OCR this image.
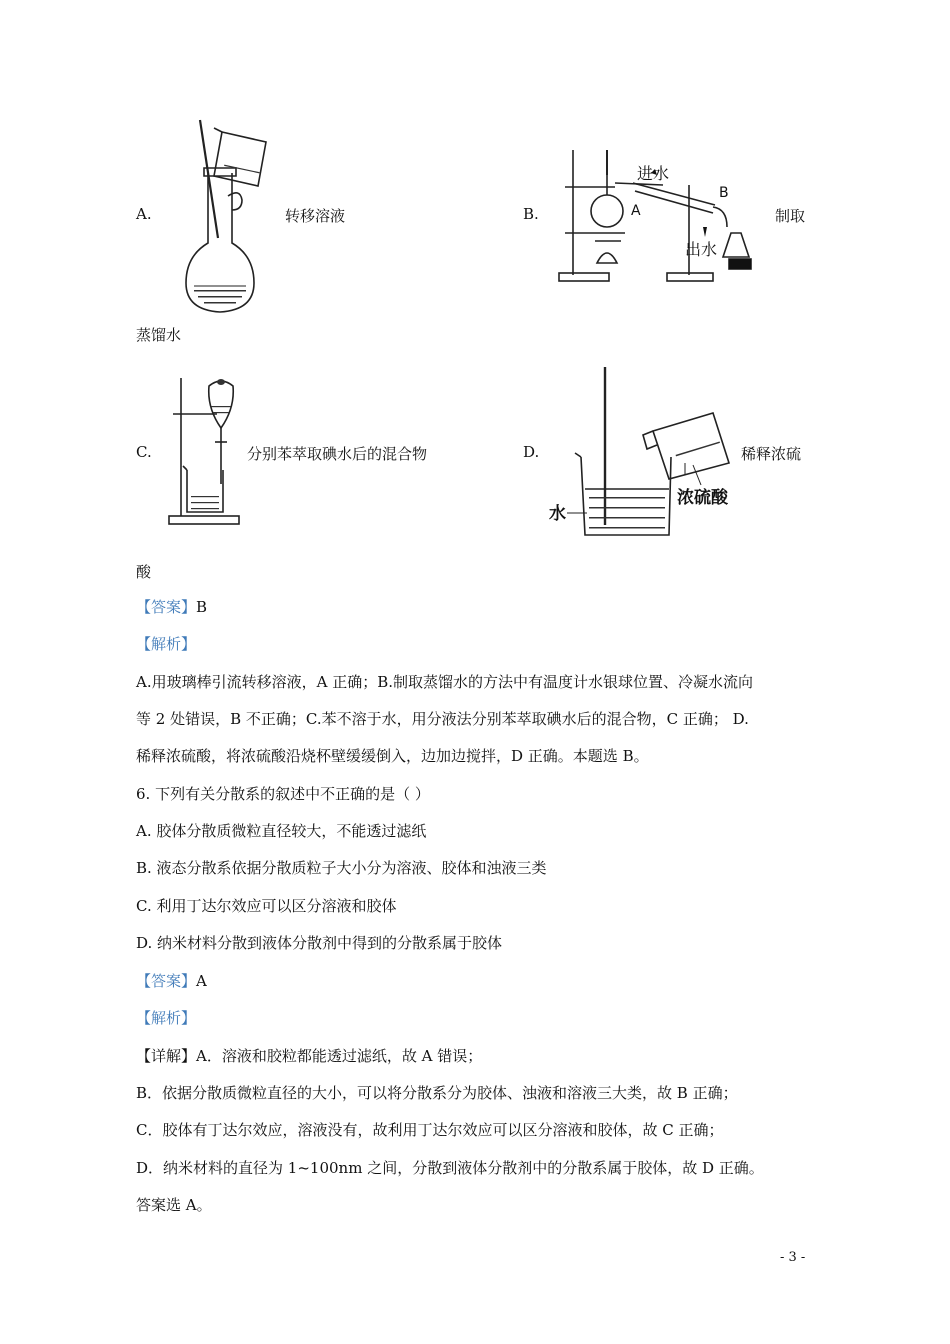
A.	转移溶液	B.
进水
出水
A
B
制取
蒸馏水
C.	分别苯萃取碘水后的混合物	D.
浓硫酸
水
稀释浓硫
酸
【答案】B
【解析】
A.用玻璃棒引流转移溶液，A 正确；B.制取蒸馏水的方法中有温度计水银球位置、冷凝水流向
等 2 处错误，B 不正确；C.苯不溶于水，用分液法分别苯萃取碘水后的混合物，C 正确； D.
稀释浓硫酸，将浓硫酸沿烧杯壁缓缓倒入，边加边搅拌，D 正确。本题选 B。
6. 下列有关分散系的叙述中不正确的是（ ）
A. 胶体分散质微粒直径较大，不能透过滤纸
B. 液态分散系依据分散质粒子大小分为溶液、胶体和浊液三类
C. 利用丁达尔效应可以区分溶液和胶体
D. 纳米材料分散到液体分散剂中得到的分散系属于胶体
【答案】A
【解析】
【详解】A．溶液和胶粒都能透过滤纸，故 A 错误；
B．依据分散质微粒直径的大小，可以将分散系分为胶体、浊液和溶液三大类，故 B 正确；
C．胶体有丁达尔效应，溶液没有，故利用丁达尔效应可以区分溶液和胶体，故 C 正确；
D．纳米材料的直径为 1~100nm 之间，分散到液体分散剂中的分散系属于胶体，故 D 正确。
答案选 A。
- 3 -
